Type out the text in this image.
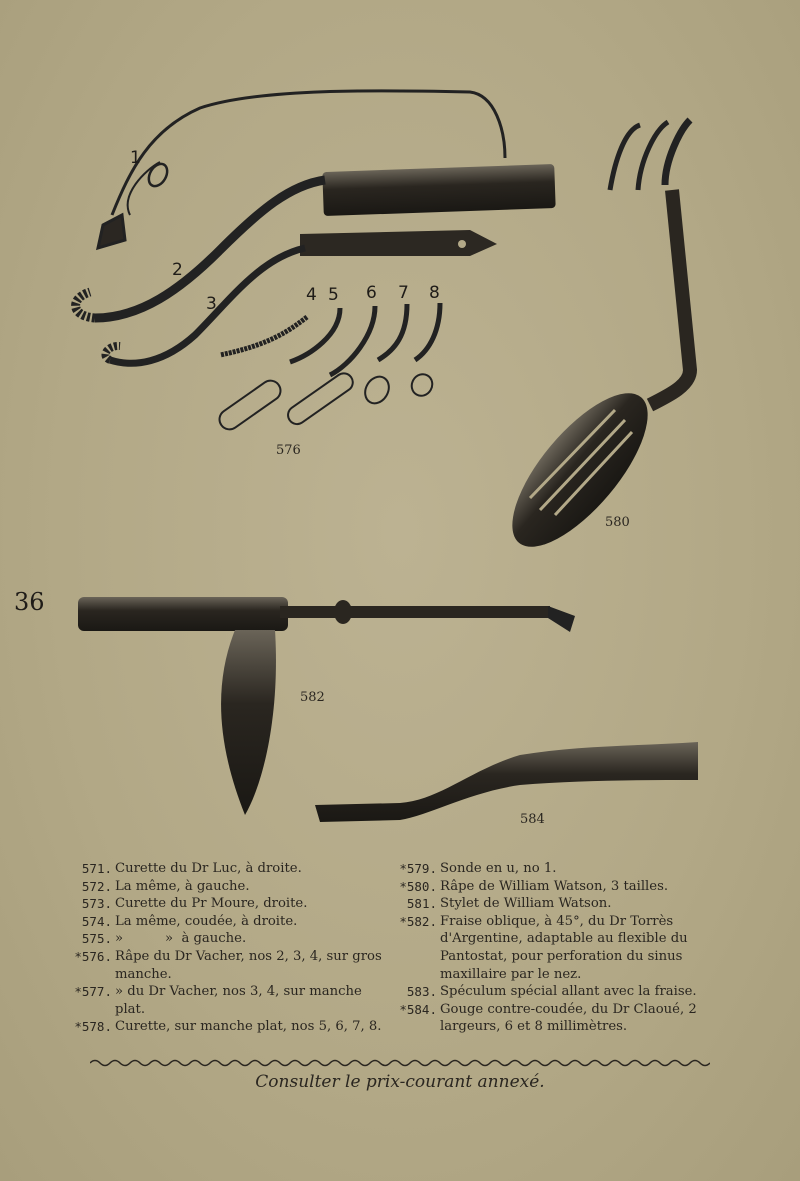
576
580
582
584
1
2
3	4 5 6 7 8
36
571. Curette du Dr Luc, à droite.
572. La même, à gauche.
573. Curette du Pr Moure, droite.
574. La même, coudée, à droite.
575. »          »  à gauche.
*576. Râpe du Dr Vacher, nos 2, 3, 4, sur gros manche.
*577. » du Dr Vacher, nos 3, 4, sur manche plat.
*578. Curette, sur manche plat, nos 5, 6, 7, 8.
*579. Sonde en u, no 1.
*580. Râpe de William Watson, 3 tailles.
581. Stylet de William Watson.
*582. Fraise oblique, à 45°, du Dr Torrès d'Argentine, adaptable au flexible du Pantostat, pour perforation du sinus maxillaire par le nez.
583. Spéculum spécial allant avec la fraise.
*584. Gouge contre-coudée, du Dr Claoué, 2 largeurs, 6 et 8 millimètres.
Consulter le prix-courant annexé.
